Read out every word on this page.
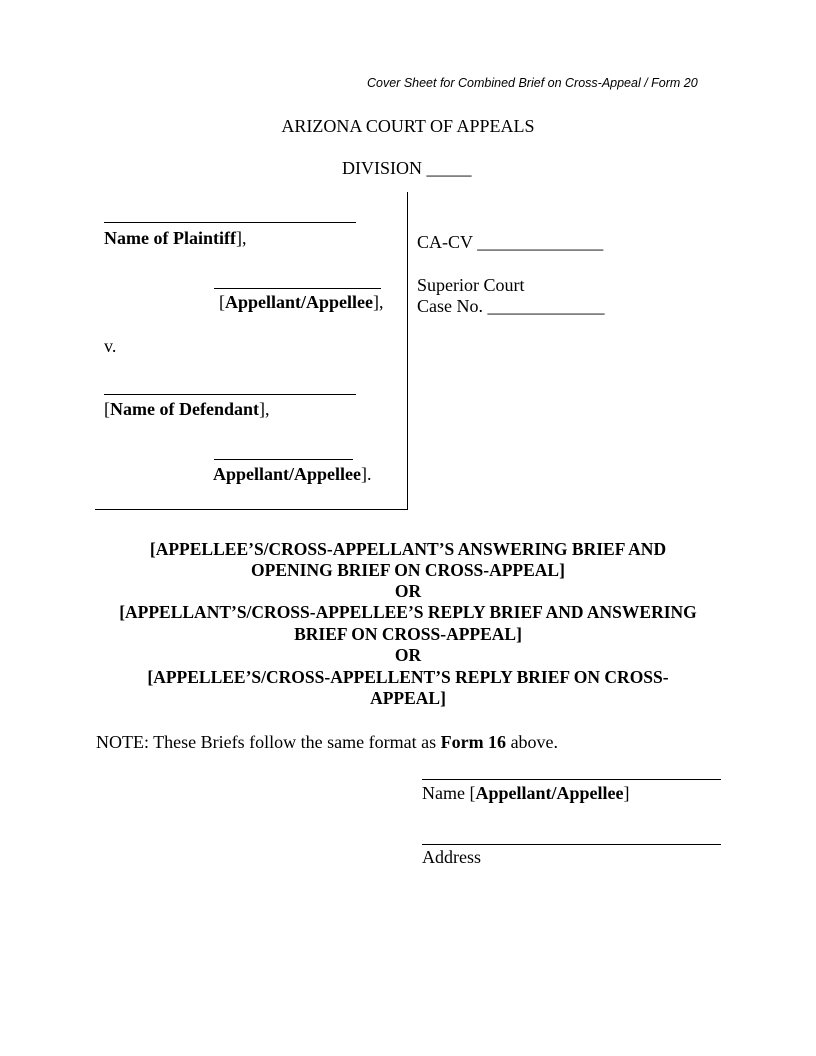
Cover Sheet for Combined Brief on Cross-Appeal / Form 20
ARIZONA COURT OF APPEALS
DIVISION _____
Name of Plaintiff],
[Appellant/Appellee],
v.
[Name of Defendant],
Appellant/Appellee].
CA-CV ______________
Superior Court
Case No. _____________
[APPELLEE’S/CROSS-APPELLANT’S ANSWERING BRIEF AND
OPENING BRIEF ON CROSS-APPEAL]
OR
[APPELLANT’S/CROSS-APPELLEE’S REPLY BRIEF AND ANSWERING
BRIEF ON CROSS-APPEAL]
OR
[APPELLEE’S/CROSS-APPELLENT’S REPLY BRIEF ON CROSS-
APPEAL]
NOTE: These Briefs follow the same format as Form 16 above.
Name [Appellant/Appellee]
Address
